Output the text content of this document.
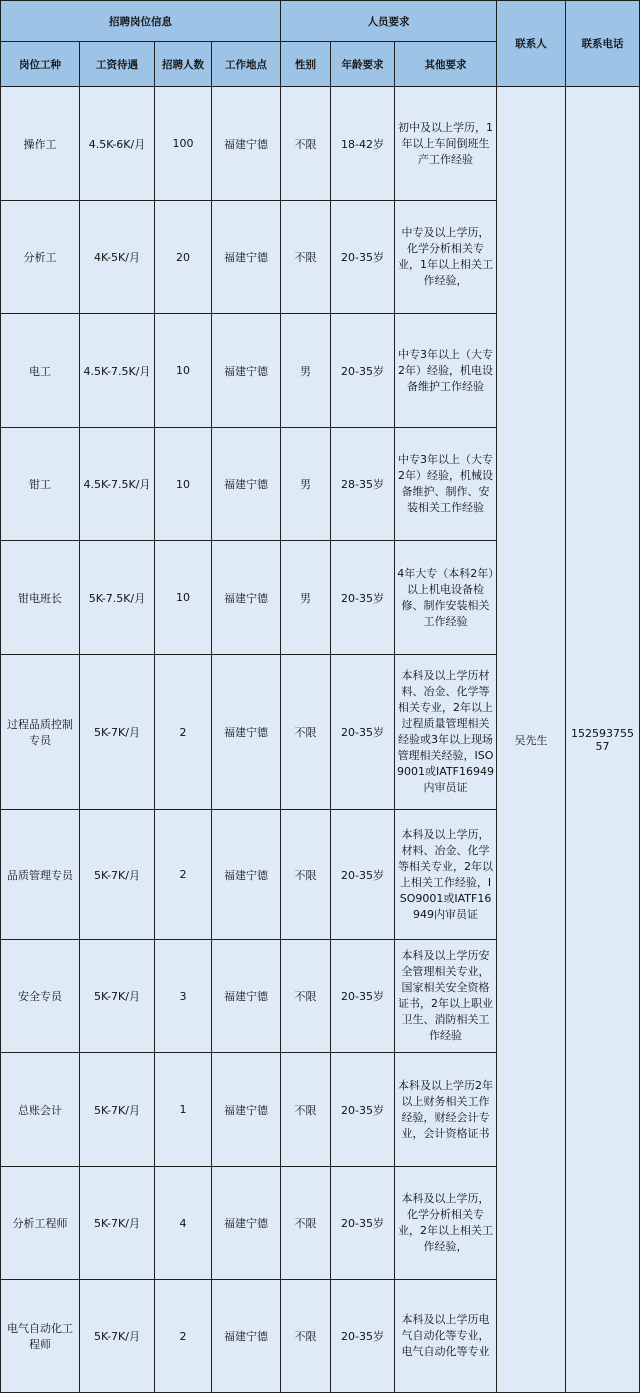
招聘岗位信息				人员要求			联系人	联系电话
岗位工种	工资待遇	招聘人数	工作地点	性别	年龄要求	其他要求		
操作工	4.5K-6K/月	100	福建宁德	不限	18-42岁	初中及以上学历，1年以上车间倒班生产工作经验	吴先生	15259375557
分析工	4K-5K/月	20	福建宁德	不限	20-35岁	中专及以上学历，化学分析相关专业，1年以上相关工作经验，		
电工	4.5K-7.5K/月	10	福建宁德	男	20-35岁	中专3年以上（大专2年）经验，机电设备维护工作经验		
钳工	4.5K-7.5K/月	10	福建宁德	男	28-35岁	中专3年以上（大专2年）经验，机械设备维护、制作、安装相关工作经验		
钳电班长	5K-7.5K/月	10	福建宁德	男	20-35岁	4年大专（本科2年）以上机电设备检修、制作安装相关工作经验		
过程品质控制专员	5K-7K/月	2	福建宁德	不限	20-35岁	本科及以上学历材料、冶金、化学等相关专业，2年以上过程质量管理相关经验或3年以上现场管理相关经验，ISO9001或IATF16949内审员证		
品质管理专员	5K-7K/月	2	福建宁德	不限	20-35岁	本科及以上学历，材料、冶金、化学等相关专业，2年以上相关工作经验，ISO9001或IATF16949内审员证		
安全专员	5K-7K/月	3	福建宁德	不限	20-35岁	本科及以上学历安全管理相关专业，国家相关安全资格证书，2年以上职业卫生、消防相关工作经验		
总账会计	5K-7K/月	1	福建宁德	不限	20-35岁	本科及以上学历2年以上财务相关工作经验，财经会计专业，会计资格证书		
分析工程师	5K-7K/月	4	福建宁德	不限	20-35岁	本科及以上学历，化学分析相关专业，2年以上相关工作经验，		
电气自动化工程师	5K-7K/月	2	福建宁德	不限	20-35岁	本科及以上学历电气自动化等专业，电气自动化等专业		
